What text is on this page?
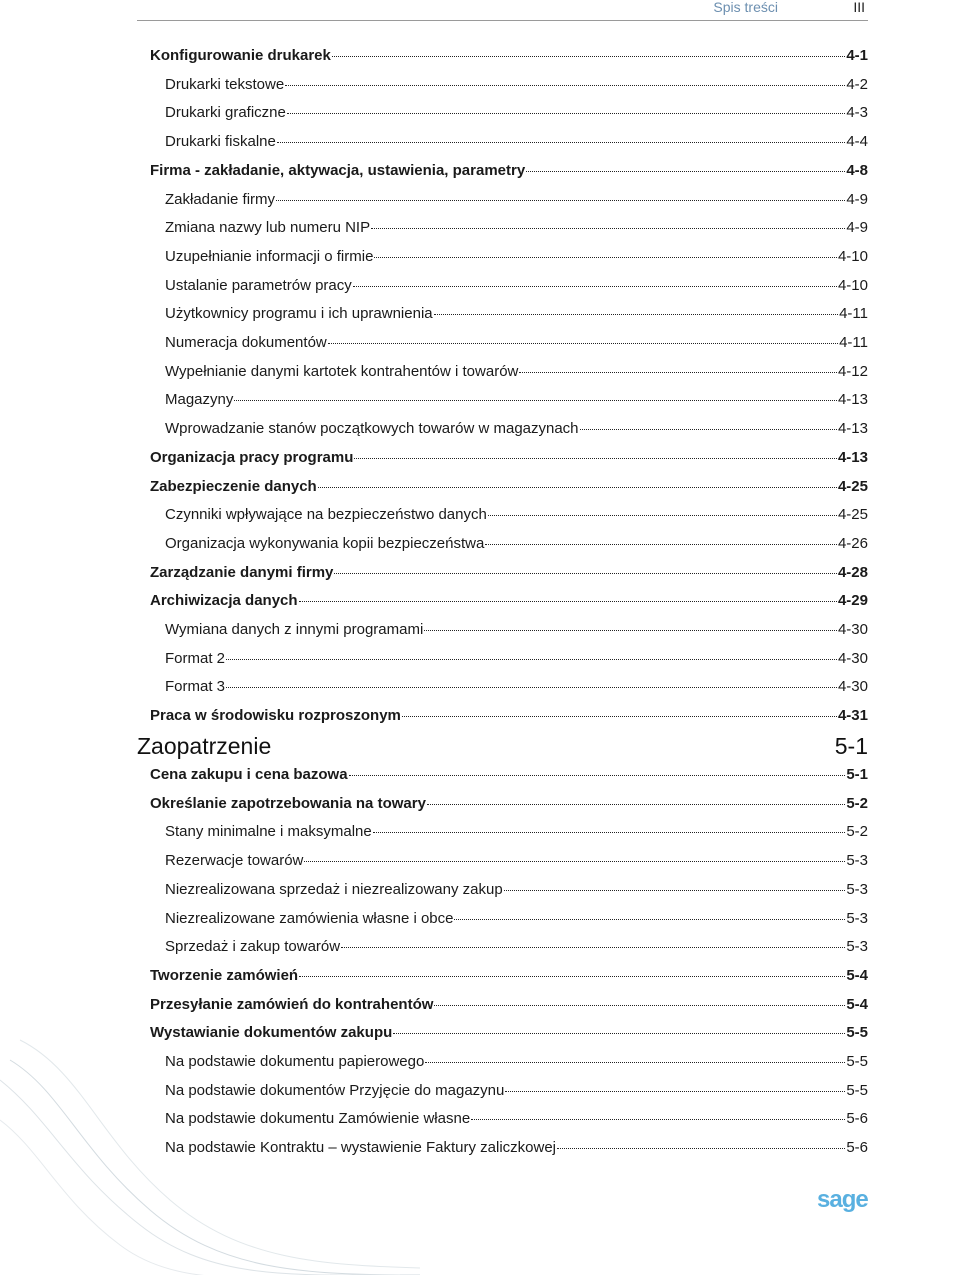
Spis treści	III
Konfigurowanie drukarek	4-1
Drukarki tekstowe	4-2
Drukarki graficzne	4-3
Drukarki fiskalne	4-4
Firma - zakładanie, aktywacja, ustawienia, parametry	4-8
Zakładanie firmy	4-9
Zmiana nazwy lub numeru NIP	4-9
Uzupełnianie informacji o firmie	4-10
Ustalanie parametrów pracy	4-10
Użytkownicy programu i ich uprawnienia	4-11
Numeracja dokumentów	4-11
Wypełnianie danymi kartotek kontrahentów i towarów	4-12
Magazyny	4-13
Wprowadzanie stanów początkowych towarów w magazynach	4-13
Organizacja pracy programu	4-13
Zabezpieczenie danych	4-25
Czynniki wpływające na bezpieczeństwo danych	4-25
Organizacja wykonywania kopii bezpieczeństwa	4-26
Zarządzanie danymi firmy	4-28
Archiwizacja danych	4-29
Wymiana danych z innymi programami	4-30
Format 2	4-30
Format 3	4-30
Praca w środowisku rozproszonym	4-31
Zaopatrzenie	5-1
Cena zakupu i cena bazowa	5-1
Określanie zapotrzebowania na towary	5-2
Stany minimalne i maksymalne	5-2
Rezerwacje towarów	5-3
Niezrealizowana sprzedaż i niezrealizowany zakup	5-3
Niezrealizowane zamówienia własne i obce	5-3
Sprzedaż i zakup towarów	5-3
Tworzenie zamówień	5-4
Przesyłanie zamówień do kontrahentów	5-4
Wystawianie dokumentów zakupu	5-5
Na podstawie dokumentu papierowego	5-5
Na podstawie dokumentów Przyjęcie do magazynu	5-5
Na podstawie dokumentu Zamówienie własne	5-6
Na podstawie Kontraktu – wystawienie Faktury zaliczkowej	5-6
sage
